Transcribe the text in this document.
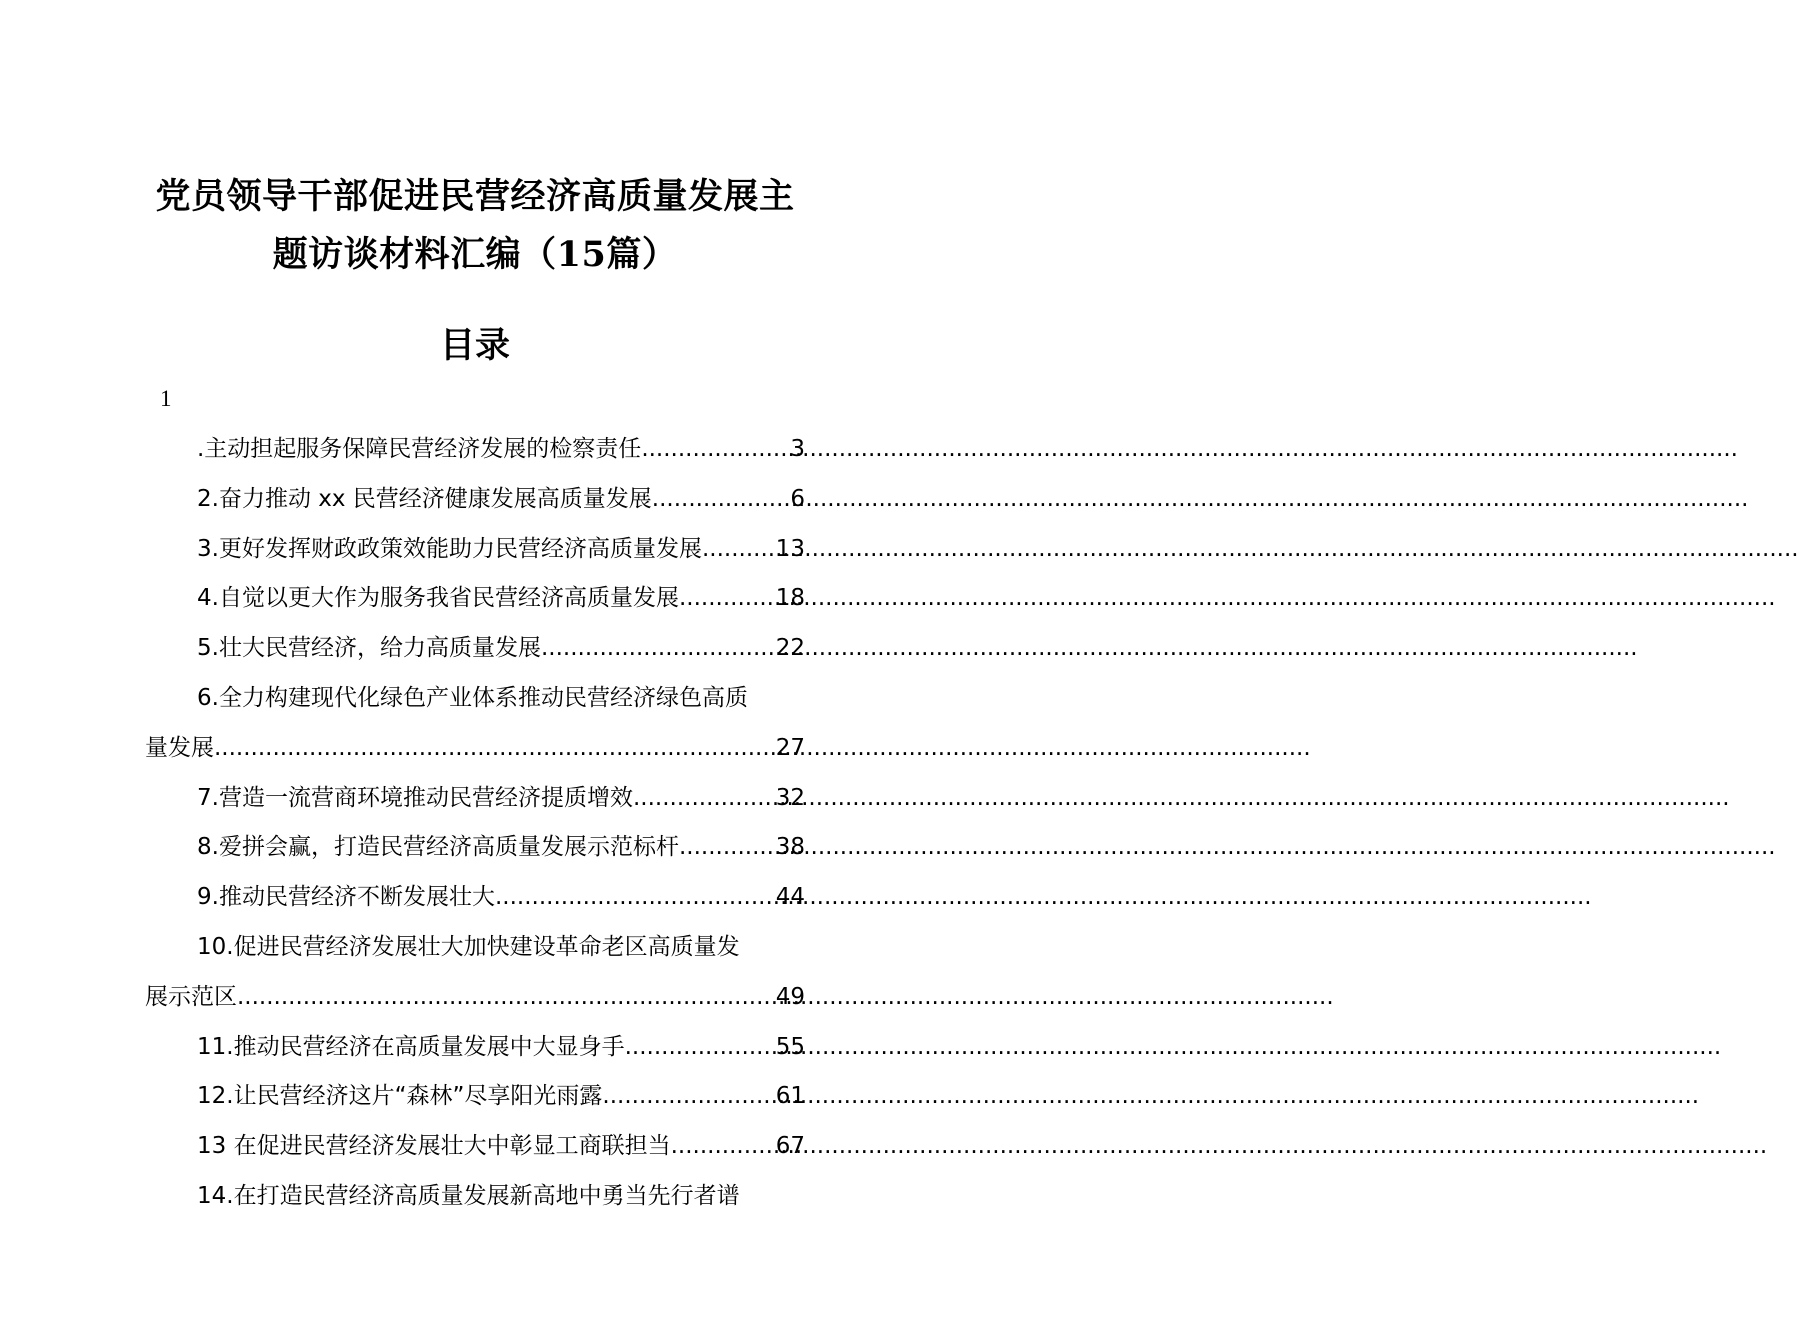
党员领导干部促进民营经济高质量发展主
题访谈材料汇编（15篇）
目录
1
.主动担起服务保障民营经济发展的检察责任 .....	3
2.奋力推动 xx 民营经济健康发展高质量发展 .....	6
3.更好发挥财政政策效能助力民营经济高质量发展 .....	13
4.自觉以更大作为服务我省民营经济高质量发展 .....	18
5.壮大民营经济，给力高质量发展 .....	22
6.全力构建现代化绿色产业体系推动民营经济绿色高质
量发展 .....	27
7.营造一流营商环境推动民营经济提质增效 .....	32
8.爱拼会赢，打造民营经济高质量发展示范标杆 .....	38
9.推动民营经济不断发展壮大 .....	44
10.促进民营经济发展壮大加快建设革命老区高质量发
展示范区 .....	49
11.推动民营经济在高质量发展中大显身手 .....	55
12.让民营经济这片“森林”尽享阳光雨露 .....	61
13 在促进民营经济发展壮大中彰显工商联担当 .....	67
14.在打造民营经济高质量发展新高地中勇当先行者谱
